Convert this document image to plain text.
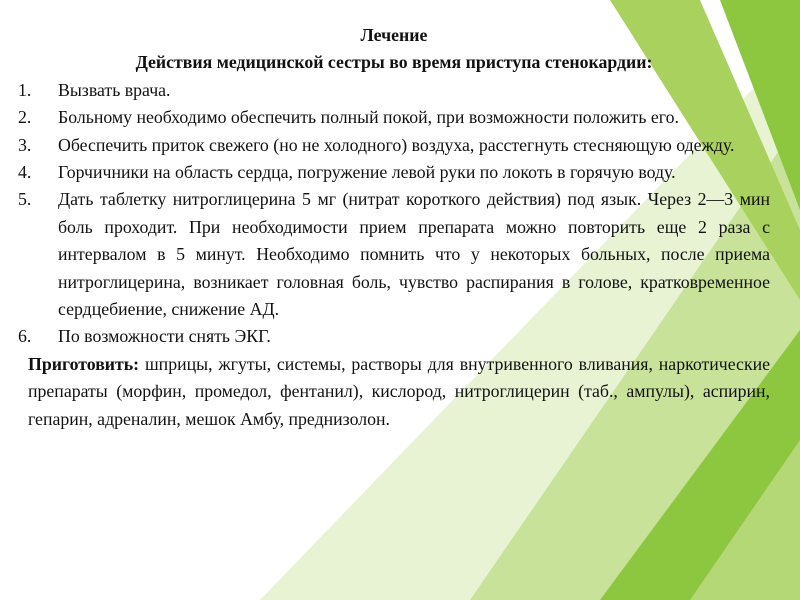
Лечение
Действия медицинской сестры во время приступа стенокардии:
1. Вызвать врача.
2. Больному необходимо обеспечить полный покой, при возможности положить его.
3. Обеспечить приток свежего (но не холодного) воздуха, расстегнуть стесняющую одежду.
4. Горчичники на область сердца, погружение левой руки по локоть в горячую воду.
5. Дать таблетку нитроглицерина 5 мг (нитрат короткого действия) под язык. Через 2—3 мин боль проходит. При необходимости прием препарата можно повторить еще 2 раза с интервалом в 5 минут. Необходимо помнить что у некоторых больных, после приема нитроглицерина, возникает головная боль, чувство распирания в голове, кратковременное сердцебиение, снижение АД.
6. По возможности снять ЭКГ.
Приготовить: шприцы, жгуты, системы, растворы для внутривенного вливания, наркотические препараты (морфин, промедол, фентанил), кислород, нитроглицерин (таб., ампулы), аспирин, гепарин, адреналин, мешок Амбу, преднизолон.
